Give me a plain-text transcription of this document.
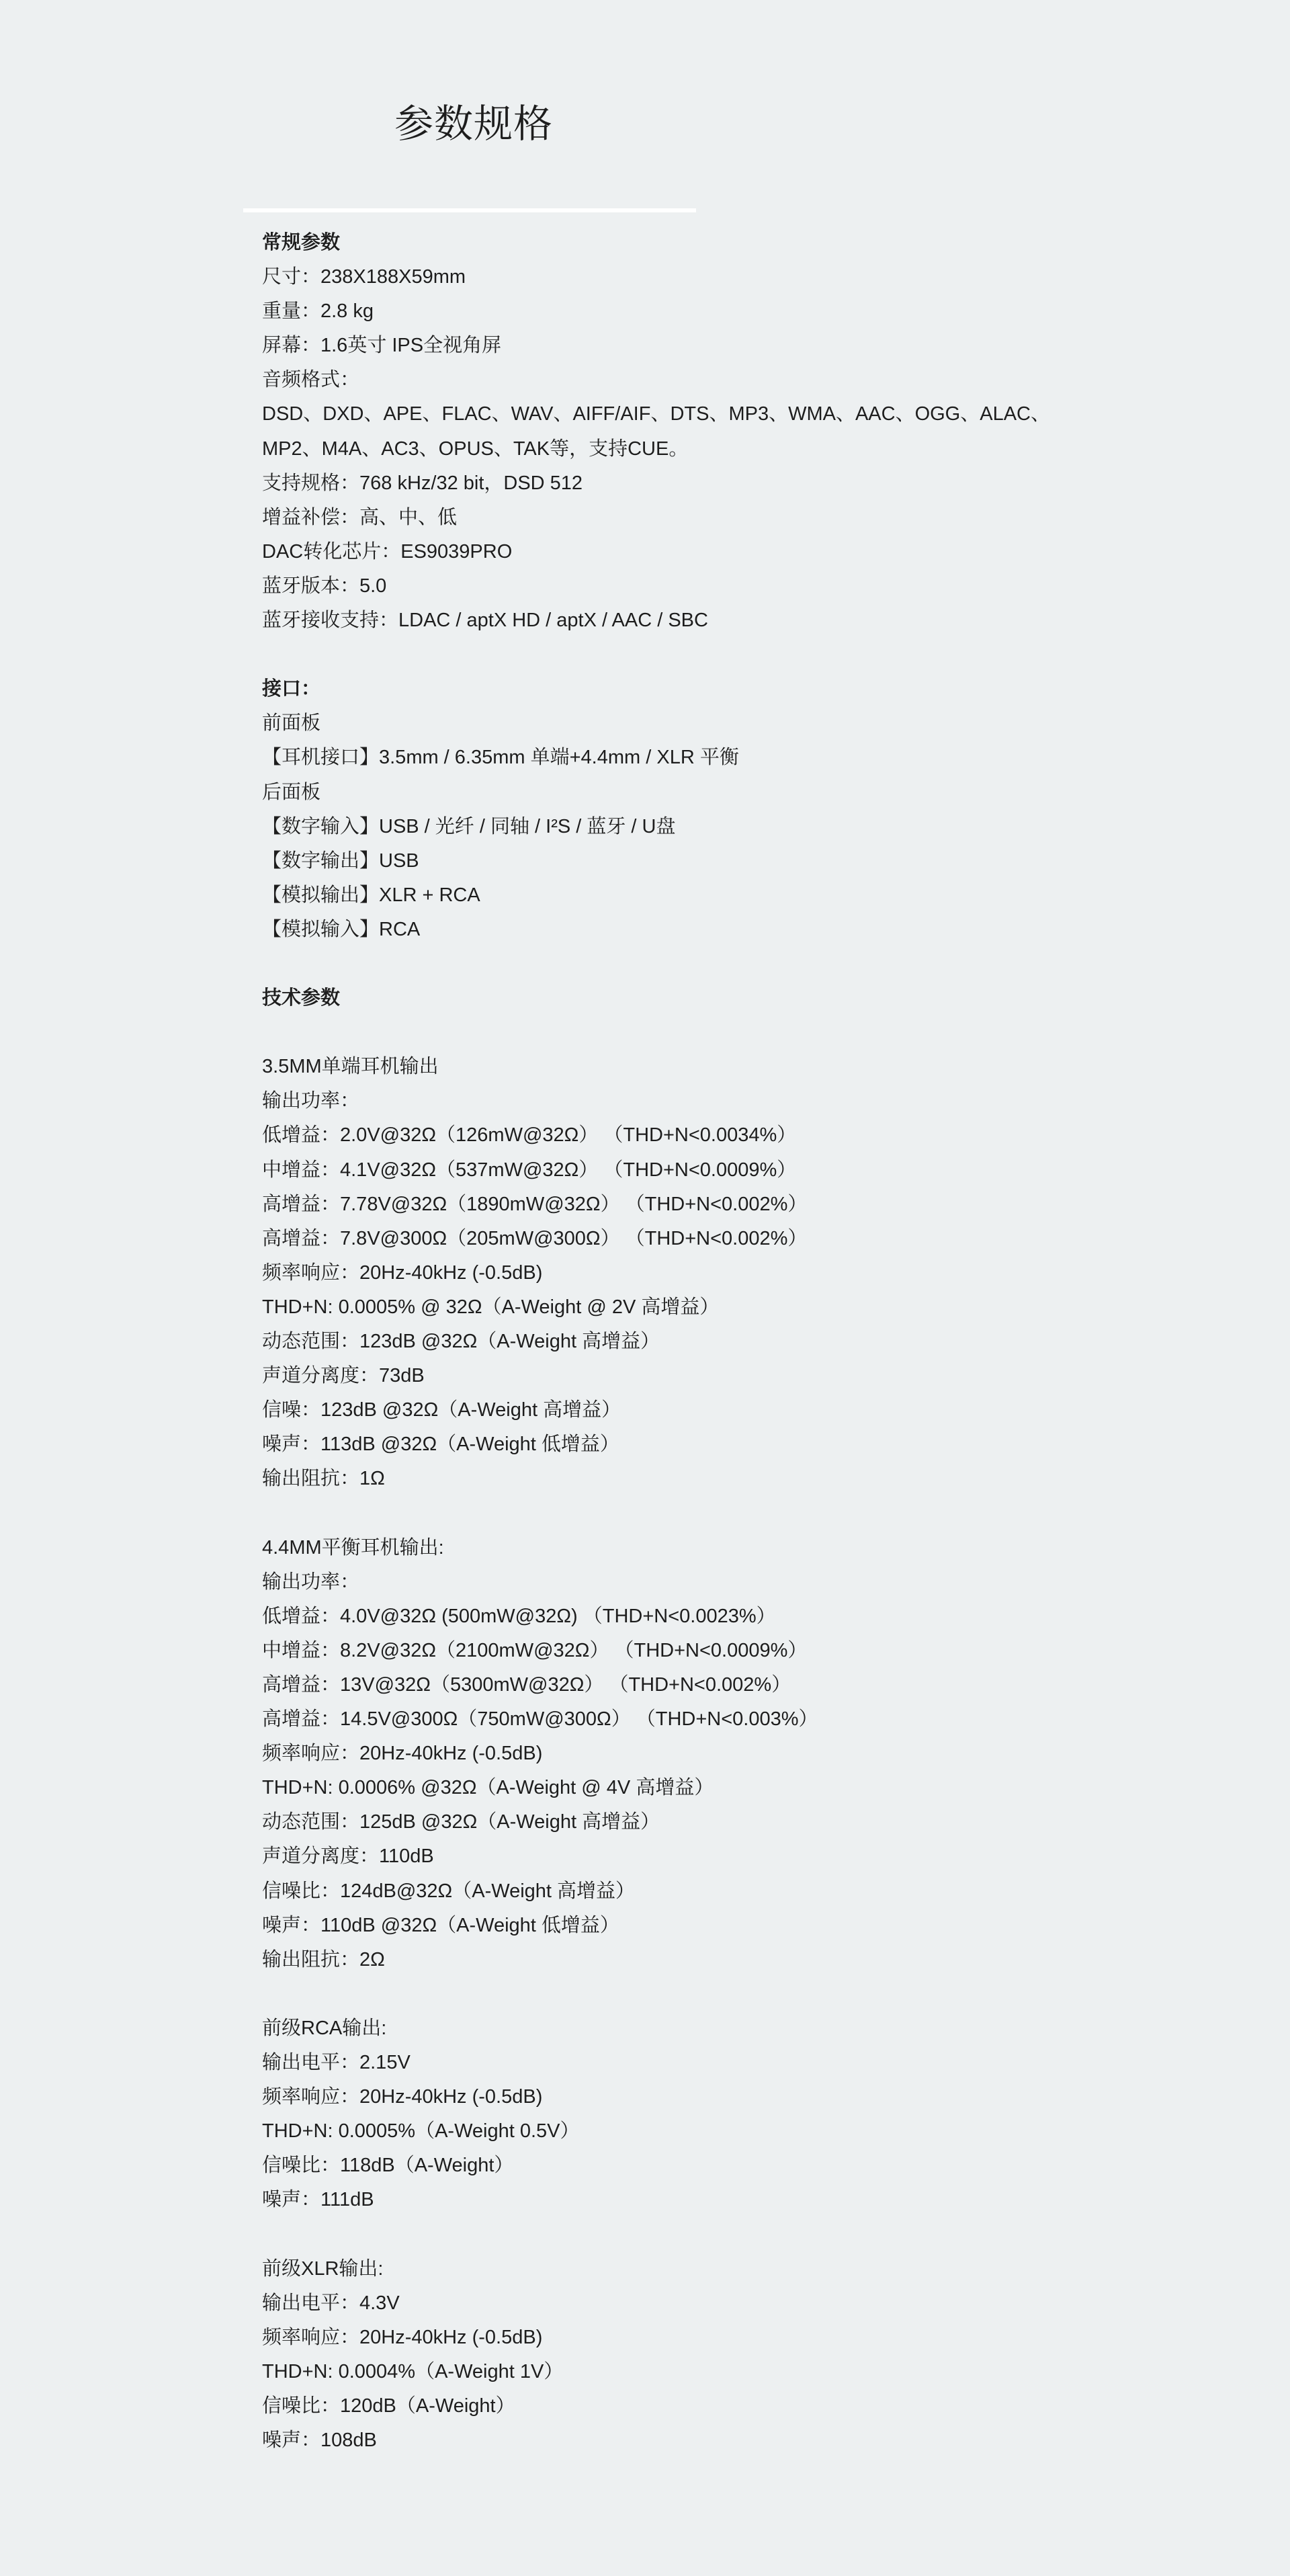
参数规格
常规参数
尺寸：238X188X59mm
重量：2.8 kg
屏幕：1.6英寸 IPS全视角屏
音频格式：
DSD、DXD、APE、FLAC、WAV、AIFF/AIF、DTS、MP3、WMA、AAC、OGG、ALAC、
MP2、M4A、AC3、OPUS、TAK等，支持CUE。
支持规格：768 kHz/32 bit，DSD 512
增益补偿：高、中、低
DAC转化芯片：ES9039PRO
蓝牙版本：5.0
蓝牙接收支持：LDAC / aptX HD / aptX / AAC / SBC
接口：
前面板
【耳机接口】3.5mm / 6.35mm 单端+4.4mm / XLR 平衡
后面板
【数字输入】USB / 光纤 / 同轴 / I²S / 蓝牙 / U盘
【数字输出】USB
【模拟输出】XLR + RCA
【模拟输入】RCA
技术参数
3.5MM单端耳机输出
输出功率：
低增益：2.0V@32Ω（126mW@32Ω） （THD+N<0.0034%）
中增益：4.1V@32Ω（537mW@32Ω） （THD+N<0.0009%）
高增益：7.78V@32Ω（1890mW@32Ω） （THD+N<0.002%）
高增益：7.8V@300Ω（205mW@300Ω） （THD+N<0.002%）
频率响应：20Hz-40kHz (-0.5dB)
THD+N: 0.0005% @ 32Ω（A-Weight @ 2V 高增益）
动态范围：123dB @32Ω（A-Weight 高增益）
声道分离度：73dB
信噪：123dB @32Ω（A-Weight 高增益）
噪声：113dB @32Ω（A-Weight 低增益）
输出阻抗：1Ω
4.4MM平衡耳机输出:
输出功率：
低增益：4.0V@32Ω (500mW@32Ω) （THD+N<0.0023%）
中增益：8.2V@32Ω（2100mW@32Ω） （THD+N<0.0009%）
高增益：13V@32Ω（5300mW@32Ω） （THD+N<0.002%）
高增益：14.5V@300Ω（750mW@300Ω） （THD+N<0.003%）
频率响应：20Hz-40kHz (-0.5dB)
THD+N: 0.0006% @32Ω（A-Weight @ 4V 高增益）
动态范围：125dB @32Ω（A-Weight 高增益）
声道分离度：110dB
信噪比：124dB@32Ω（A-Weight 高增益）
噪声：110dB @32Ω（A-Weight 低增益）
输出阻抗：2Ω
前级RCA输出:
输出电平：2.15V
频率响应：20Hz-40kHz (-0.5dB)
THD+N: 0.0005%（A-Weight 0.5V）
信噪比：118dB（A-Weight）
噪声：111dB
前级XLR输出:
输出电平：4.3V
频率响应：20Hz-40kHz (-0.5dB)
THD+N: 0.0004%（A-Weight 1V）
信噪比：120dB（A-Weight）
噪声：108dB
